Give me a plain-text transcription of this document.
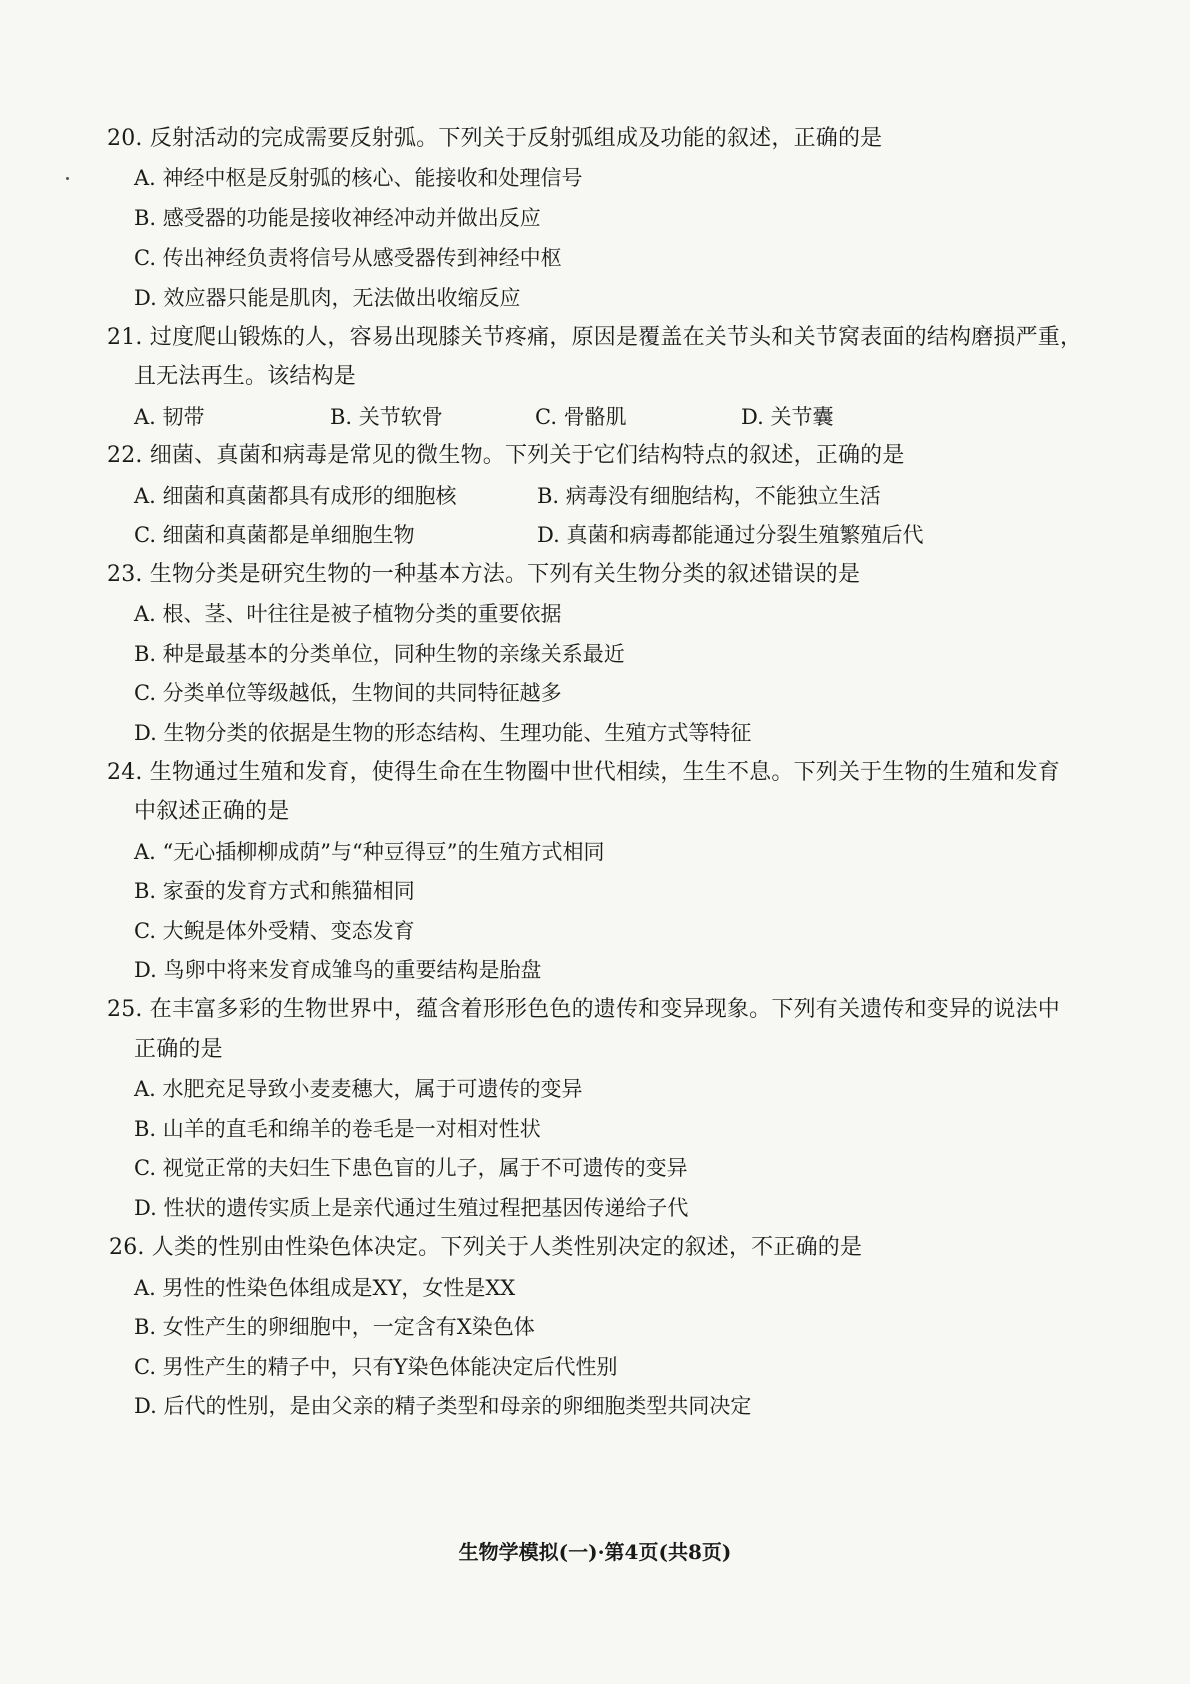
20. 反射活动的完成需要反射弧。下列关于反射弧组成及功能的叙述，正确的是
A. 神经中枢是反射弧的核心、能接收和处理信号
B. 感受器的功能是接收神经冲动并做出反应
C. 传出神经负责将信号从感受器传到神经中枢
D. 效应器只能是肌肉，无法做出收缩反应
21. 过度爬山锻炼的人，容易出现膝关节疼痛，原因是覆盖在关节头和关节窝表面的结构磨损严重，
且无法再生。该结构是
A. 韧带	B. 关节软骨	C. 骨骼肌	D. 关节囊
22. 细菌、真菌和病毒是常见的微生物。下列关于它们结构特点的叙述，正确的是
A. 细菌和真菌都具有成形的细胞核	B. 病毒没有细胞结构，不能独立生活
C. 细菌和真菌都是单细胞生物	D. 真菌和病毒都能通过分裂生殖繁殖后代
23. 生物分类是研究生物的一种基本方法。下列有关生物分类的叙述错误的是
A. 根、茎、叶往往是被子植物分类的重要依据
B. 种是最基本的分类单位，同种生物的亲缘关系最近
C. 分类单位等级越低，生物间的共同特征越多
D. 生物分类的依据是生物的形态结构、生理功能、生殖方式等特征
24. 生物通过生殖和发育，使得生命在生物圈中世代相续，生生不息。下列关于生物的生殖和发育
中叙述正确的是
A. “无心插柳柳成荫”与“种豆得豆”的生殖方式相同
B. 家蚕的发育方式和熊猫相同
C. 大鲵是体外受精、变态发育
D. 鸟卵中将来发育成雏鸟的重要结构是胎盘
25. 在丰富多彩的生物世界中，蕴含着形形色色的遗传和变异现象。下列有关遗传和变异的说法中
正确的是
A. 水肥充足导致小麦麦穗大，属于可遗传的变异
B. 山羊的直毛和绵羊的卷毛是一对相对性状
C. 视觉正常的夫妇生下患色盲的儿子，属于不可遗传的变异
D. 性状的遗传实质上是亲代通过生殖过程把基因传递给子代
26. 人类的性别由性染色体决定。下列关于人类性别决定的叙述，不正确的是
A. 男性的性染色体组成是XY，女性是XX
B. 女性产生的卵细胞中，一定含有X染色体
C. 男性产生的精子中，只有Y染色体能决定后代性别
D. 后代的性别，是由父亲的精子类型和母亲的卵细胞类型共同决定
生物学模拟(一)·第4页(共8页)
